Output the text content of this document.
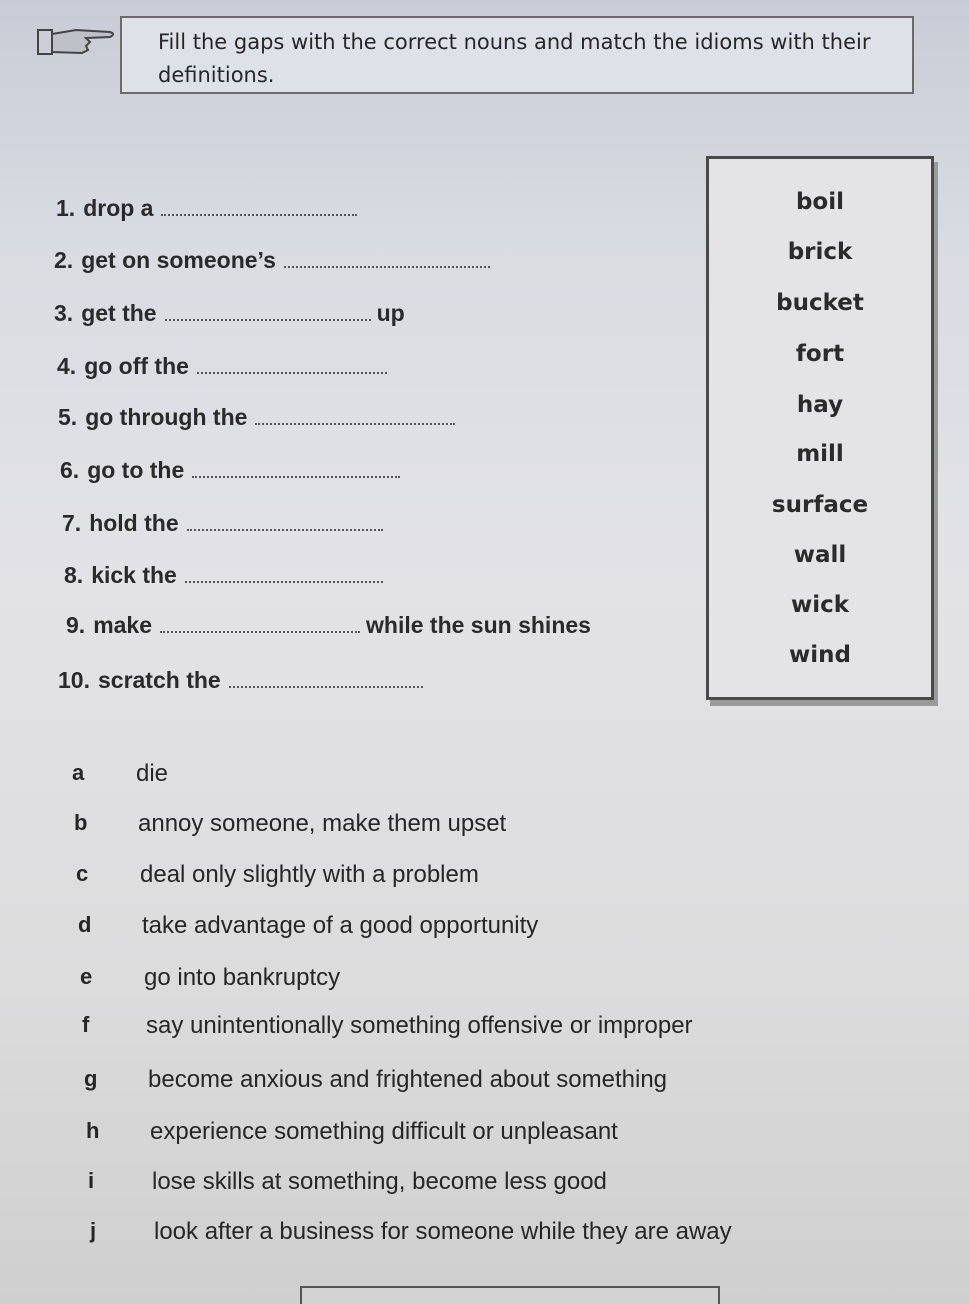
Fill the gaps with the correct nouns and match the idioms with their
definitions.
1. drop a
2. get on someone’s
3. get the	up
4. go off the
5. go through the
6. go to the
7. hold the
8. kick the
9. make	while the sun shines
10. scratch the
boil
brick
bucket
fort
hay
mill
surface
wall
wick
wind
a die
b annoy someone, make them upset
c deal only slightly with a problem
d take advantage of a good opportunity
e go into bankruptcy
f say unintentionally something offensive or improper
g become anxious and frightened about something
h experience something difficult or unpleasant
i lose skills at something, become less good
j look after a business for someone while they are away
